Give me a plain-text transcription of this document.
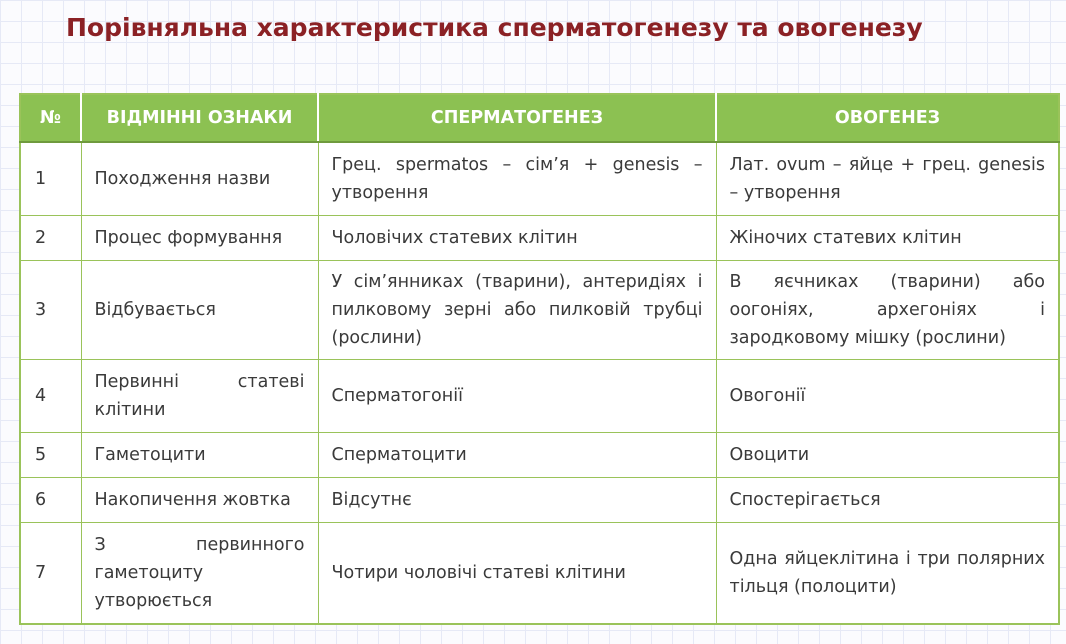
Порівняльна характеристика сперматогенезу та овогенезу
№	ВІДМІННІ ОЗНАКИ	СПЕРМАТОГЕНЕЗ	ОВОГЕНЕЗ
1	Походження назви	Грец. spermatos – сім’я + genesis – утворення	Лат. ovum – яйце + грец. genesis – утворення
2	Процес формування	Чоловічих статевих клітин	Жіночих статевих клітин
3	Відбувається	У сім’янниках (тварини), антеридіях і пилковому зерні або пилковій трубці (рослини)	В яєчниках (тварини) або оогоніях, архегоніях і зародковому мішку (рослини)
4	Первинні статеві клітини	Сперматогонії	Овогонії
5	Гаметоцити	Сперматоцити	Овоцити
6	Накопичення жовтка	Відсутнє	Спостерігається
7	З первинного гаметоциту утворюється	Чотири чоловічі статеві клітини	Одна яйцеклітина і три полярних тільця (полоцити)
